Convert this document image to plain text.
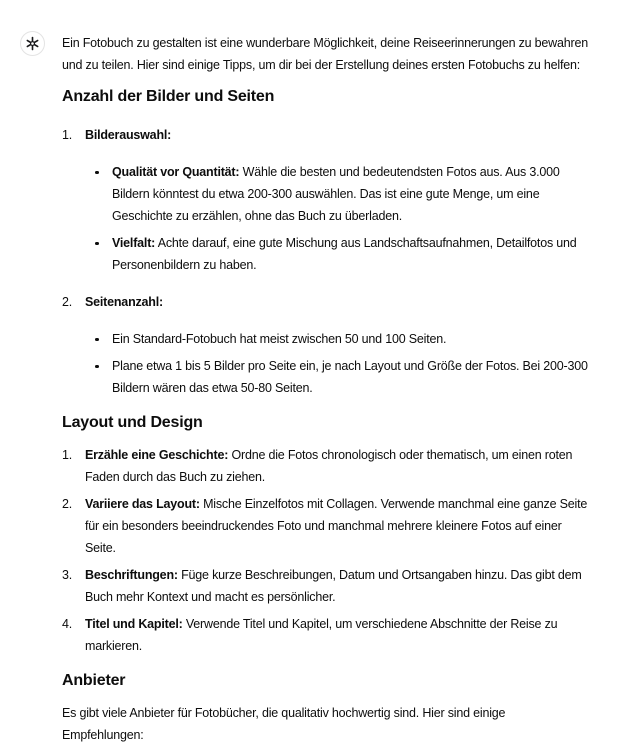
Ein Fotobuch zu gestalten ist eine wunderbare Möglichkeit, deine Reiseerinnerungen zu bewahren
und zu teilen. Hier sind einige Tipps, um dir bei der Erstellung deines ersten Fotobuchs zu helfen:

Anzahl der Bilder und Seiten
1.	Bilderauswahl:
Qualität vor Quantität: Wähle die besten und bedeutendsten Fotos aus. Aus 3.000
Bildern könntest du etwa 200-300 auswählen. Das ist eine gute Menge, um eine
Geschichte zu erzählen, ohne das Buch zu überladen.
Vielfalt: Achte darauf, eine gute Mischung aus Landschaftsaufnahmen, Detailfotos und
Personenbildern zu haben.
2.	Seitenanzahl:
Ein Standard-Fotobuch hat meist zwischen 50 und 100 Seiten.
Plane etwa 1 bis 5 Bilder pro Seite ein, je nach Layout und Größe der Fotos. Bei 200-300
Bildern wären das etwa 50-80 Seiten.
Layout und Design
1.	Erzähle eine Geschichte: Ordne die Fotos chronologisch oder thematisch, um einen roten
Faden durch das Buch zu ziehen.
2.	Variiere das Layout: Mische Einzelfotos mit Collagen. Verwende manchmal eine ganze Seite
für ein besonders beeindruckendes Foto und manchmal mehrere kleinere Fotos auf einer
Seite.
3.	Beschriftungen: Füge kurze Beschreibungen, Datum und Ortsangaben hinzu. Das gibt dem
Buch mehr Kontext und macht es persönlicher.
4.	Titel und Kapitel: Verwende Titel und Kapitel, um verschiedene Abschnitte der Reise zu
markieren.
Anbieter

Es gibt viele Anbieter für Fotobücher, die qualitativ hochwertig sind. Hier sind einige
Empfehlungen:
